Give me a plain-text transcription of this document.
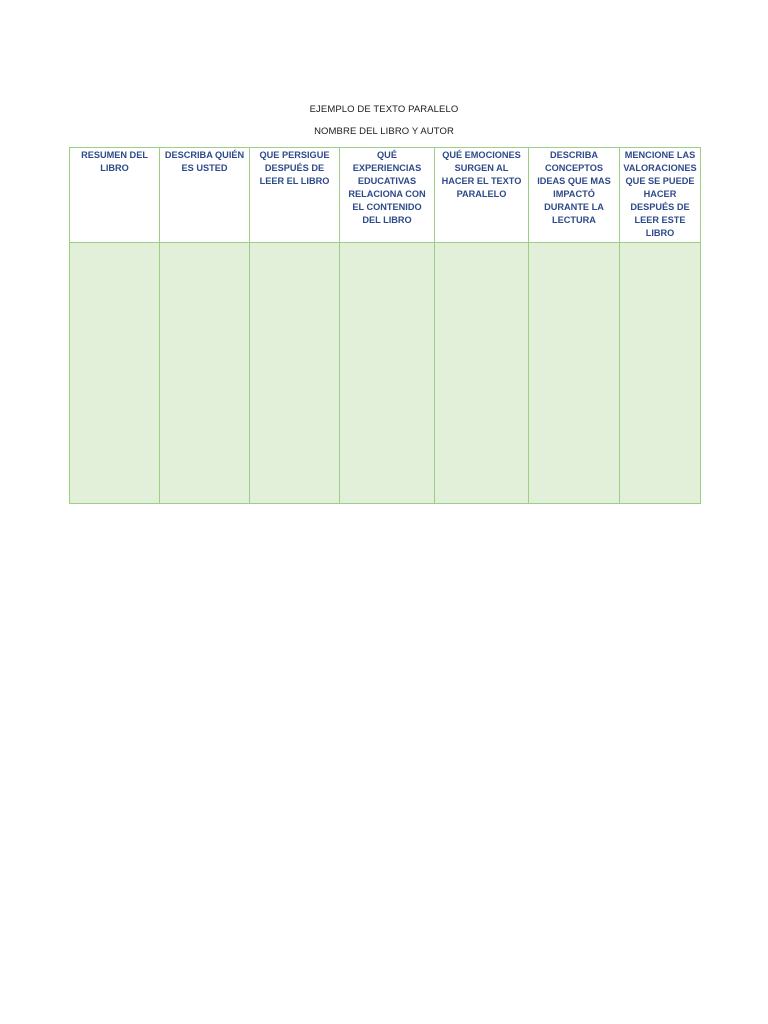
EJEMPLO DE TEXTO PARALELO
NOMBRE DEL LIBRO Y AUTOR
RESUMEN DEL LIBRO	DESCRIBA QUIÉN ES USTED	QUE PERSIGUE DESPUÉS DE LEER EL LIBRO	QUÉ EXPERIENCIAS EDUCATIVAS RELACIONA CON EL CONTENIDO DEL LIBRO	QUÉ EMOCIONES SURGEN AL HACER EL TEXTO PARALELO	DESCRIBA CONCEPTOS IDEAS QUE MAS IMPACTÓ DURANTE LA LECTURA	MENCIONE LAS VALORACIONES QUE SE PUEDE HACER DESPUÉS DE LEER ESTE LIBRO
